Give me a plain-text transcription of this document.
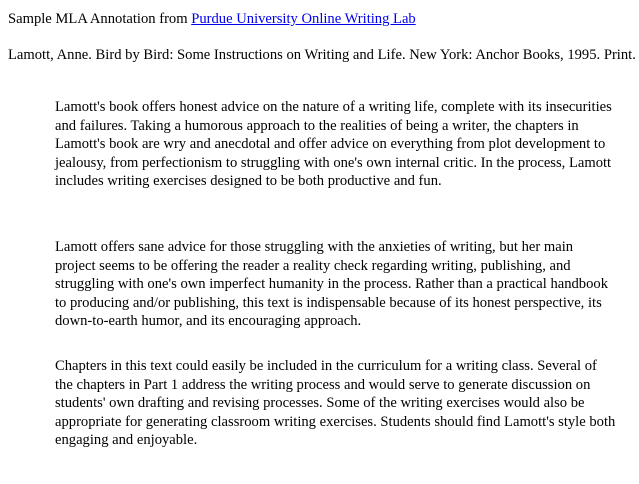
Sample MLA Annotation from Purdue University Online Writing Lab
Lamott, Anne. Bird by Bird: Some Instructions on Writing and Life. New York: Anchor Books, 1995. Print.
Lamott's book offers honest advice on the nature of a writing life, complete with its insecurities and failures. Taking a humorous approach to the realities of being a writer, the chapters in Lamott's book are wry and anecdotal and offer advice on everything from plot development to jealousy, from perfectionism to struggling with one's own internal critic. In the process, Lamott includes writing exercises designed to be both productive and fun.
Lamott offers sane advice for those struggling with the anxieties of writing, but her main project seems to be offering the reader a reality check regarding writing, publishing, and struggling with one's own imperfect humanity in the process. Rather than a practical handbook to producing and/or publishing, this text is indispensable because of its honest perspective, its down-to-earth humor, and its encouraging approach.
Chapters in this text could easily be included in the curriculum for a writing class. Several of the chapters in Part 1 address the writing process and would serve to generate discussion on students' own drafting and revising processes. Some of the writing exercises would also be appropriate for generating classroom writing exercises. Students should find Lamott's style both engaging and enjoyable.
